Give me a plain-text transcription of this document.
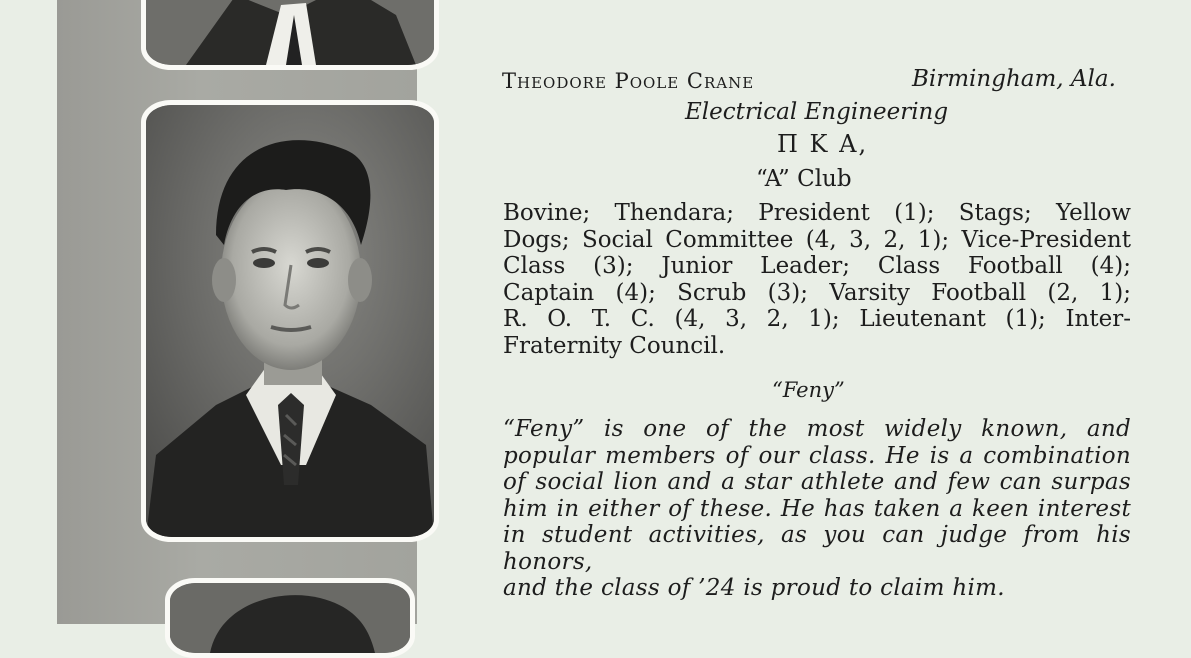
Theodore Poole Crane	Birmingham, Ala.
Electrical Engineering
Π K A,
“A” Club
Bovine; Thendara; President (1); Stags; Yellow
Dogs; Social Committee (4, 3, 2, 1); Vice-President
Class (3); Junior Leader; Class Football (4);
Captain (4); Scrub (3); Varsity Football (2, 1);
R. O. T. C. (4, 3, 2, 1); Lieutenant (1); Inter-
Fraternity Council.
“Feny”
“Feny” is one of the most widely known, and
popular members of our class. He is a combination
of social lion and a star athlete and few can surpas
him in either of these. He has taken a keen interest
in student activities, as you can judge from his honors,
and the class of ’24 is proud to claim him.
